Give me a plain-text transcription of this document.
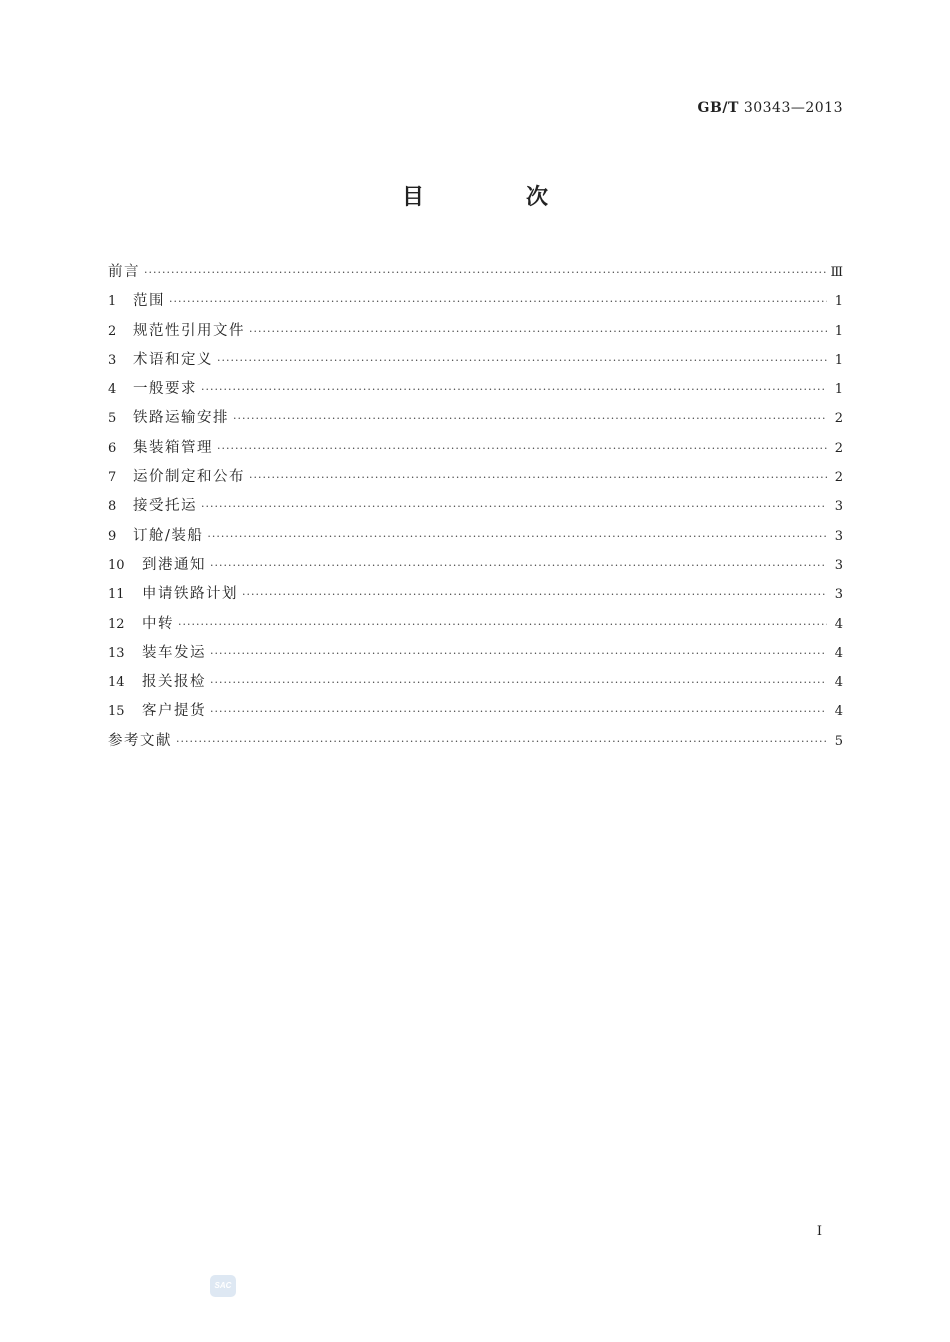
GB/T 30343—2013
目　次
前言 ·····	Ⅲ
1	范围 ·····	1
2	规范性引用文件 ·····	1
3	术语和定义 ·····	1
4	一般要求 ·····	1
5	铁路运输安排 ·····	2
6	集装箱管理 ·····	2
7	运价制定和公布 ·····	2
8	接受托运 ·····	3
9	订舱/装船 ·····	3
10	到港通知 ·····	3
11	申请铁路计划 ·····	3
12	中转 ·····	4
13	装车发运 ·····	4
14	报关报检 ·····	4
15	客户提货 ·····	4
参考文献 ·····	5
I
SAC
